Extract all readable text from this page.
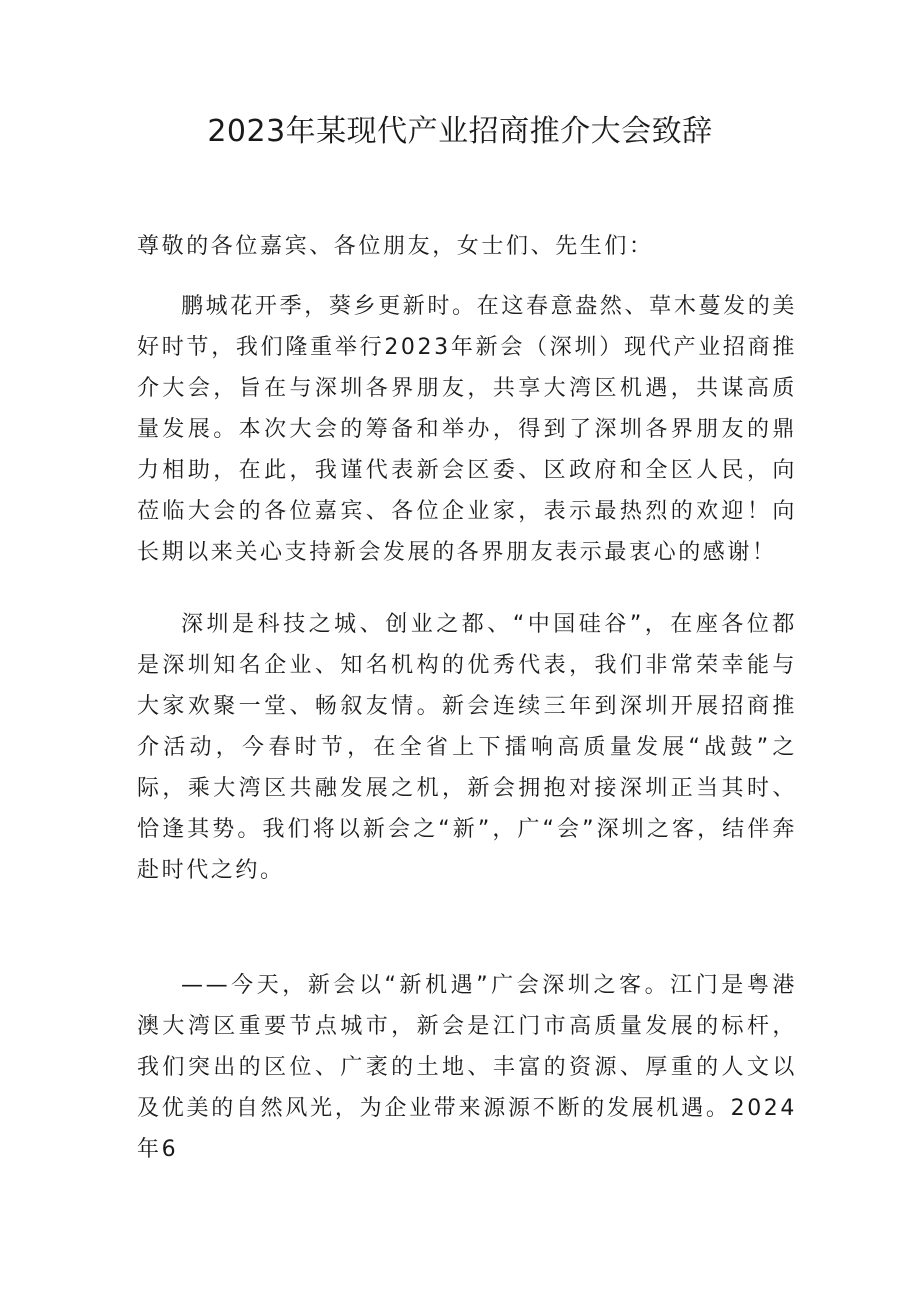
2023年某现代产业招商推介大会致辞
尊敬的各位嘉宾、各位朋友，女士们、先生们：

鹏城花开季，葵乡更新时。在这春意盎然、草木蔓发的美好时节，我们隆重举行2023年新会（深圳）现代产业招商推介大会，旨在与深圳各界朋友，共享大湾区机遇，共谋高质量发展。本次大会的筹备和举办，得到了深圳各界朋友的鼎力相助，在此，我谨代表新会区委、区政府和全区人民，向莅临大会的各位嘉宾、各位企业家，表示最热烈的欢迎！向长期以来关心支持新会发展的各界朋友表示最衷心的感谢！

深圳是科技之城、创业之都、“中国硅谷”，在座各位都是深圳知名企业、知名机构的优秀代表，我们非常荣幸能与大家欢聚一堂、畅叙友情。新会连续三年到深圳开展招商推介活动，今春时节，在全省上下擂响高质量发展“战鼓”之际，乘大湾区共融发展之机，新会拥抱对接深圳正当其时、恰逢其势。我们将以新会之“新”，广“会”深圳之客，结伴奔赴时代之约。

——今天，新会以“新机遇”广会深圳之客。江门是粤港澳大湾区重要节点城市，新会是江门市高质量发展的标杆，我们突出的区位、广袤的土地、丰富的资源、厚重的人文以及优美的自然风光，为企业带来源源不断的发展机遇。2024年6
